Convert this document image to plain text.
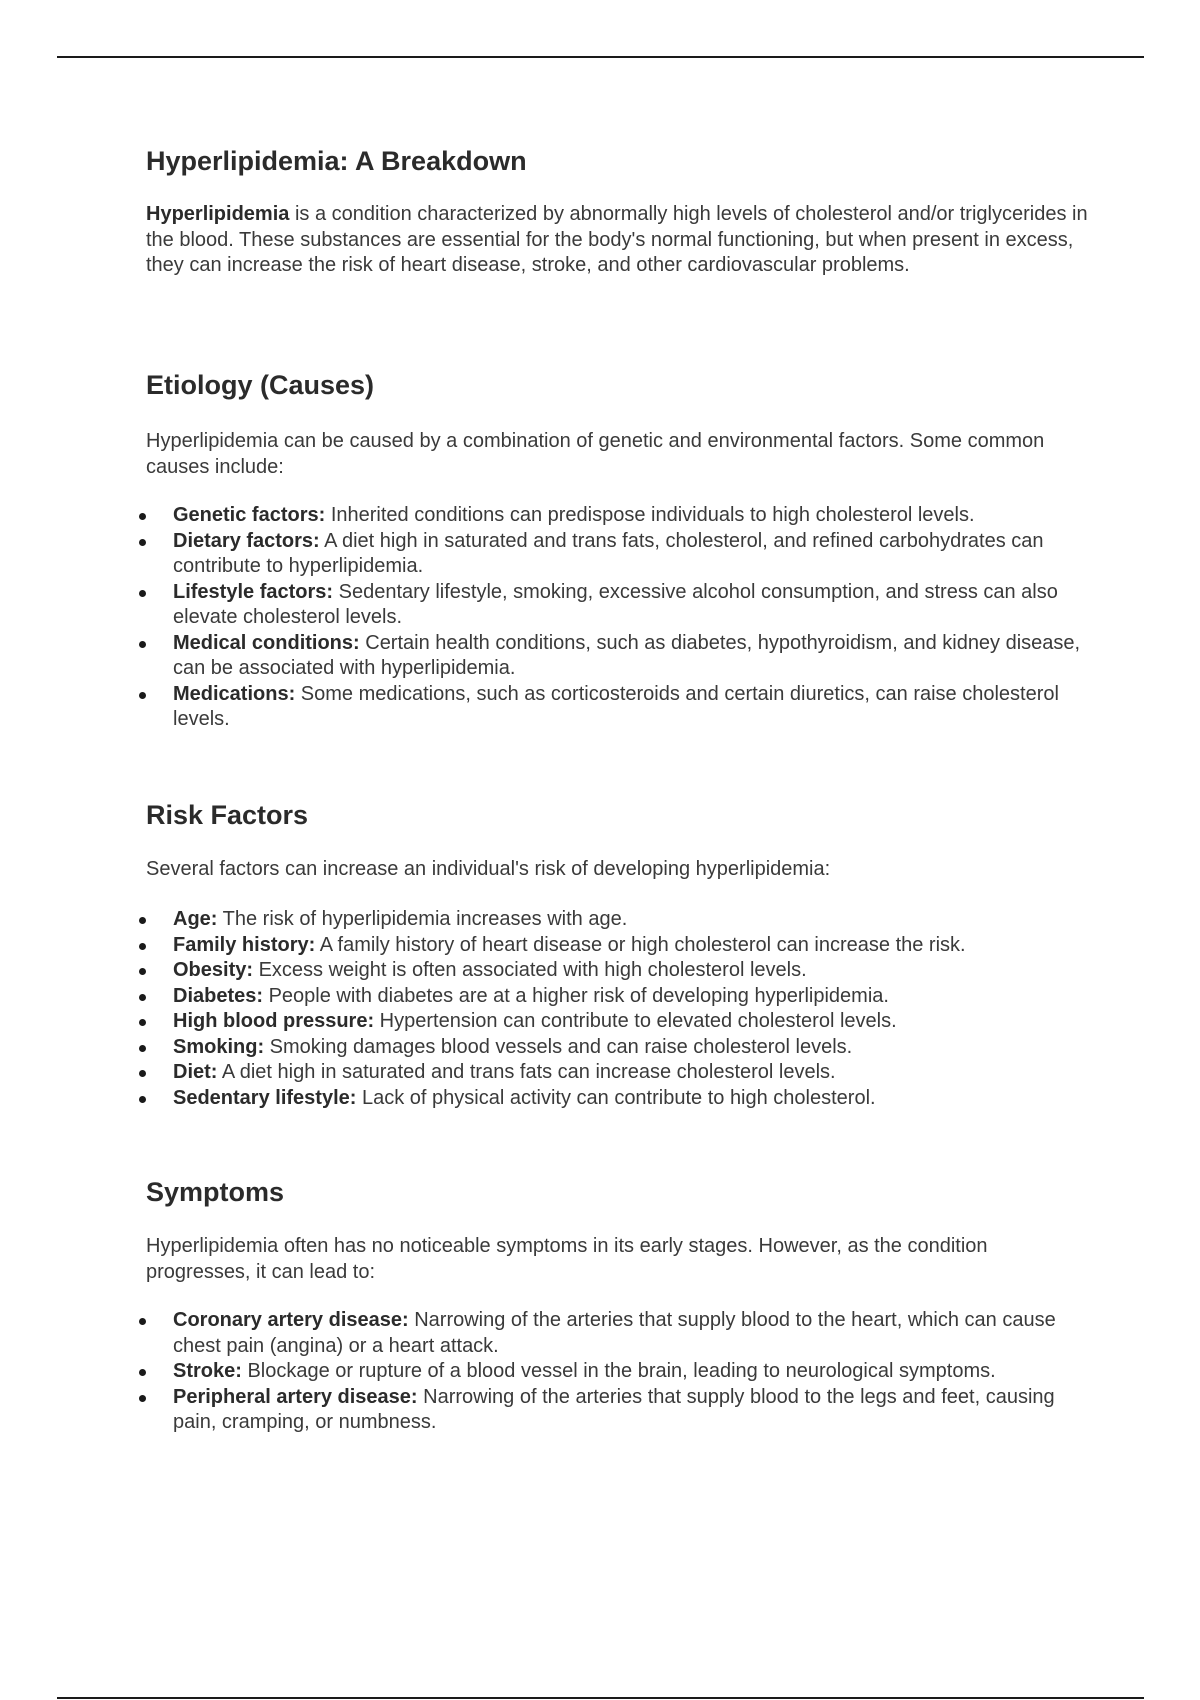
Hyperlipidemia: A Breakdown

Hyperlipidemia is a condition characterized by abnormally high levels of cholesterol and/or triglycerides in the blood. These substances are essential for the body's normal functioning, but when present in excess, they can increase the risk of heart disease, stroke, and other cardiovascular problems.

Etiology (Causes)

Hyperlipidemia can be caused by a combination of genetic and environmental factors. Some common causes include:

Genetic factors: Inherited conditions can predispose individuals to high cholesterol levels.
Dietary factors: A diet high in saturated and trans fats, cholesterol, and refined carbohydrates can contribute to hyperlipidemia.
Lifestyle factors: Sedentary lifestyle, smoking, excessive alcohol consumption, and stress can also elevate cholesterol levels.
Medical conditions: Certain health conditions, such as diabetes, hypothyroidism, and kidney disease, can be associated with hyperlipidemia.
Medications: Some medications, such as corticosteroids and certain diuretics, can raise cholesterol levels.
Risk Factors

Several factors can increase an individual's risk of developing hyperlipidemia:

Age: The risk of hyperlipidemia increases with age.
Family history: A family history of heart disease or high cholesterol can increase the risk.
Obesity: Excess weight is often associated with high cholesterol levels.
Diabetes: People with diabetes are at a higher risk of developing hyperlipidemia.
High blood pressure: Hypertension can contribute to elevated cholesterol levels.
Smoking: Smoking damages blood vessels and can raise cholesterol levels.
Diet: A diet high in saturated and trans fats can increase cholesterol levels.
Sedentary lifestyle: Lack of physical activity can contribute to high cholesterol.
Symptoms

Hyperlipidemia often has no noticeable symptoms in its early stages. However, as the condition progresses, it can lead to:

Coronary artery disease: Narrowing of the arteries that supply blood to the heart, which can cause chest pain (angina) or a heart attack.
Stroke: Blockage or rupture of a blood vessel in the brain, leading to neurological symptoms.
Peripheral artery disease: Narrowing of the arteries that supply blood to the legs and feet, causing pain, cramping, or numbness.
